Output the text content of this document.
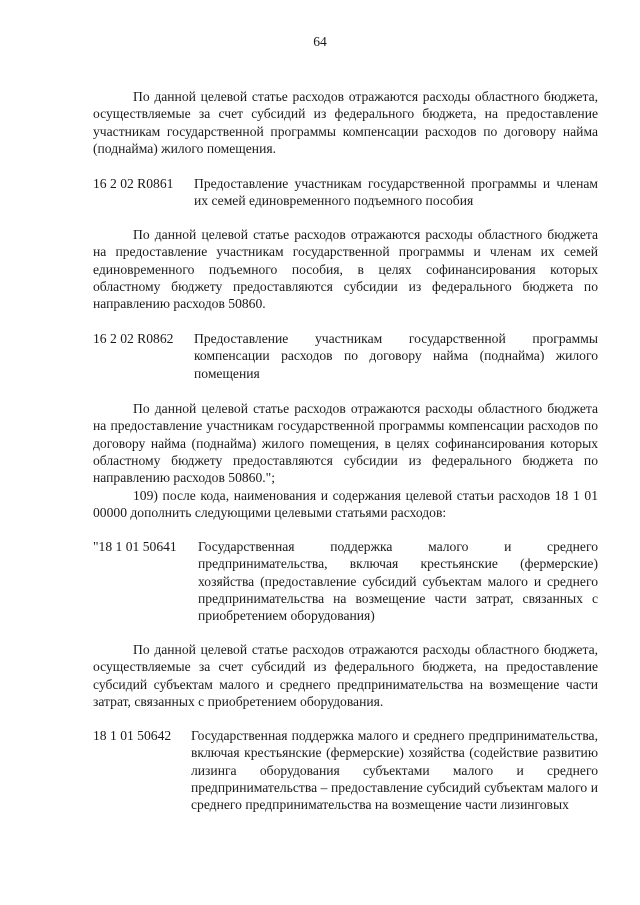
64

По данной целевой статье расходов отражаются расходы областного бюджета, осуществляемые за счет субсидий из федерального бюджета, на предоставление участникам государственной программы компенсации расходов по договору найма (поднайма) жилого помещения.

16 2 02 R0861	Предоставление участникам государственной программы и членам их семей единовременного подъемного пособия

По данной целевой статье расходов отражаются расходы областного бюджета на предоставление участникам государственной программы и членам их семей единовременного подъемного пособия, в целях софинансирования которых областному бюджету предоставляются субсидии из федерального бюджета по направлению расходов 50860.

16 2 02 R0862	Предоставление участникам государственной программы компенсации расходов по договору найма (поднайма) жилого помещения

По данной целевой статье расходов отражаются расходы областного бюджета на предоставление участникам государственной программы компенсации расходов по договору найма (поднайма) жилого помещения, в целях софинансирования которых областному бюджету предоставляются субсидии из федерального бюджета по направлению расходов 50860.";

109) после кода, наименования и содержания целевой статьи расходов 18 1 01 00000 дополнить следующими целевыми статьями расходов:

"18 1 01 50641	Государственная поддержка малого и среднего предпринимательства, включая крестьянские (фермерские) хозяйства (предоставление субсидий субъектам малого и среднего предпринимательства на возмещение части затрат, связанных с приобретением оборудования)

По данной целевой статье расходов отражаются расходы областного бюджета, осуществляемые за счет субсидий из федерального бюджета, на предоставление субсидий субъектам малого и среднего предпринимательства на возмещение части затрат, связанных с приобретением оборудования.

18 1 01 50642	Государственная поддержка малого и среднего предпринимательства, включая крестьянские (фермерские) хозяйства (содействие развитию лизинга оборудования субъектами малого и среднего предпринимательства – предоставление субсидий субъектам малого и среднего предпринимательства на возмещение части лизинговых
